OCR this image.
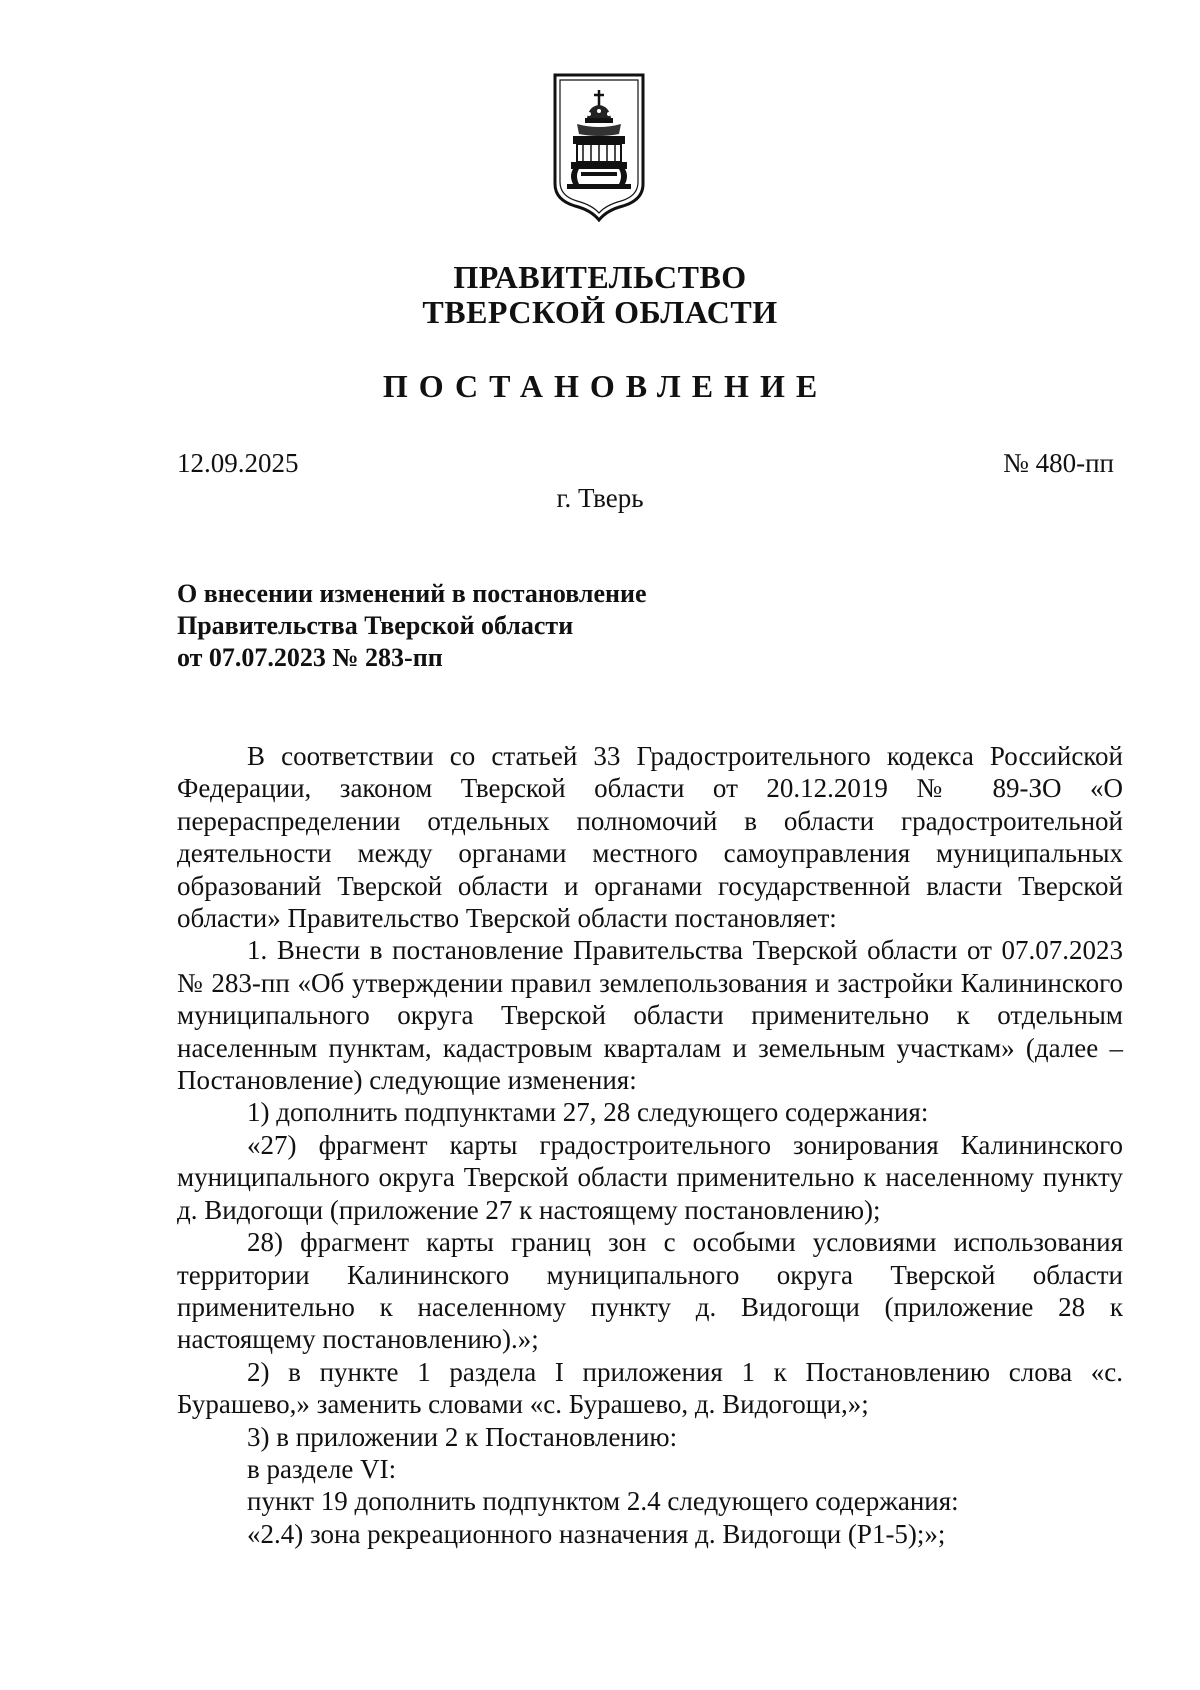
ПРАВИТЕЛЬСТВО
ТВЕРСКОЙ ОБЛАСТИ
ПОСТАНОВЛЕНИЕ
12.09.2025	№ 480-пп
г. Тверь
О внесении изменений в постановление
Правительства Тверской области
от 07.07.2023 № 283-пп

В соответствии со статьей 33 Градостроительного кодекса Российской Федерации, законом Тверской области от 20.12.2019 № 89-ЗО «О перераспределении отдельных полномочий в области градостроительной деятельности между органами местного самоуправления муниципальных образований Тверской области и органами государственной власти Тверской области» Правительство Тверской области постановляет:

1. Внести в постановление Правительства Тверской области от 07.07.2023 № 283-пп «Об утверждении правил землепользования и застройки Калининского муниципального округа Тверской области применительно к отдельным населенным пунктам, кадастровым кварталам и земельным участкам» (далее – Постановление) следующие изменения:

1) дополнить подпунктами 27, 28 следующего содержания:

«27) фрагмент карты градостроительного зонирования Калининского муниципального округа Тверской области применительно к населенному пункту д. Видогощи (приложение 27 к настоящему постановлению);

28) фрагмент карты границ зон с особыми условиями использования территории Калининского муниципального округа Тверской области применительно к населенному пункту д. Видогощи (приложение 28 к настоящему постановлению).»;

2) в пункте 1 раздела I приложения 1 к Постановлению слова «с. Бурашево,» заменить словами «с. Бурашево, д. Видогощи,»;

3) в приложении 2 к Постановлению:

в разделе VI:

пункт 19 дополнить подпунктом 2.4 следующего содержания:

«2.4) зона рекреационного назначения д. Видогощи (Р1-5);»;
